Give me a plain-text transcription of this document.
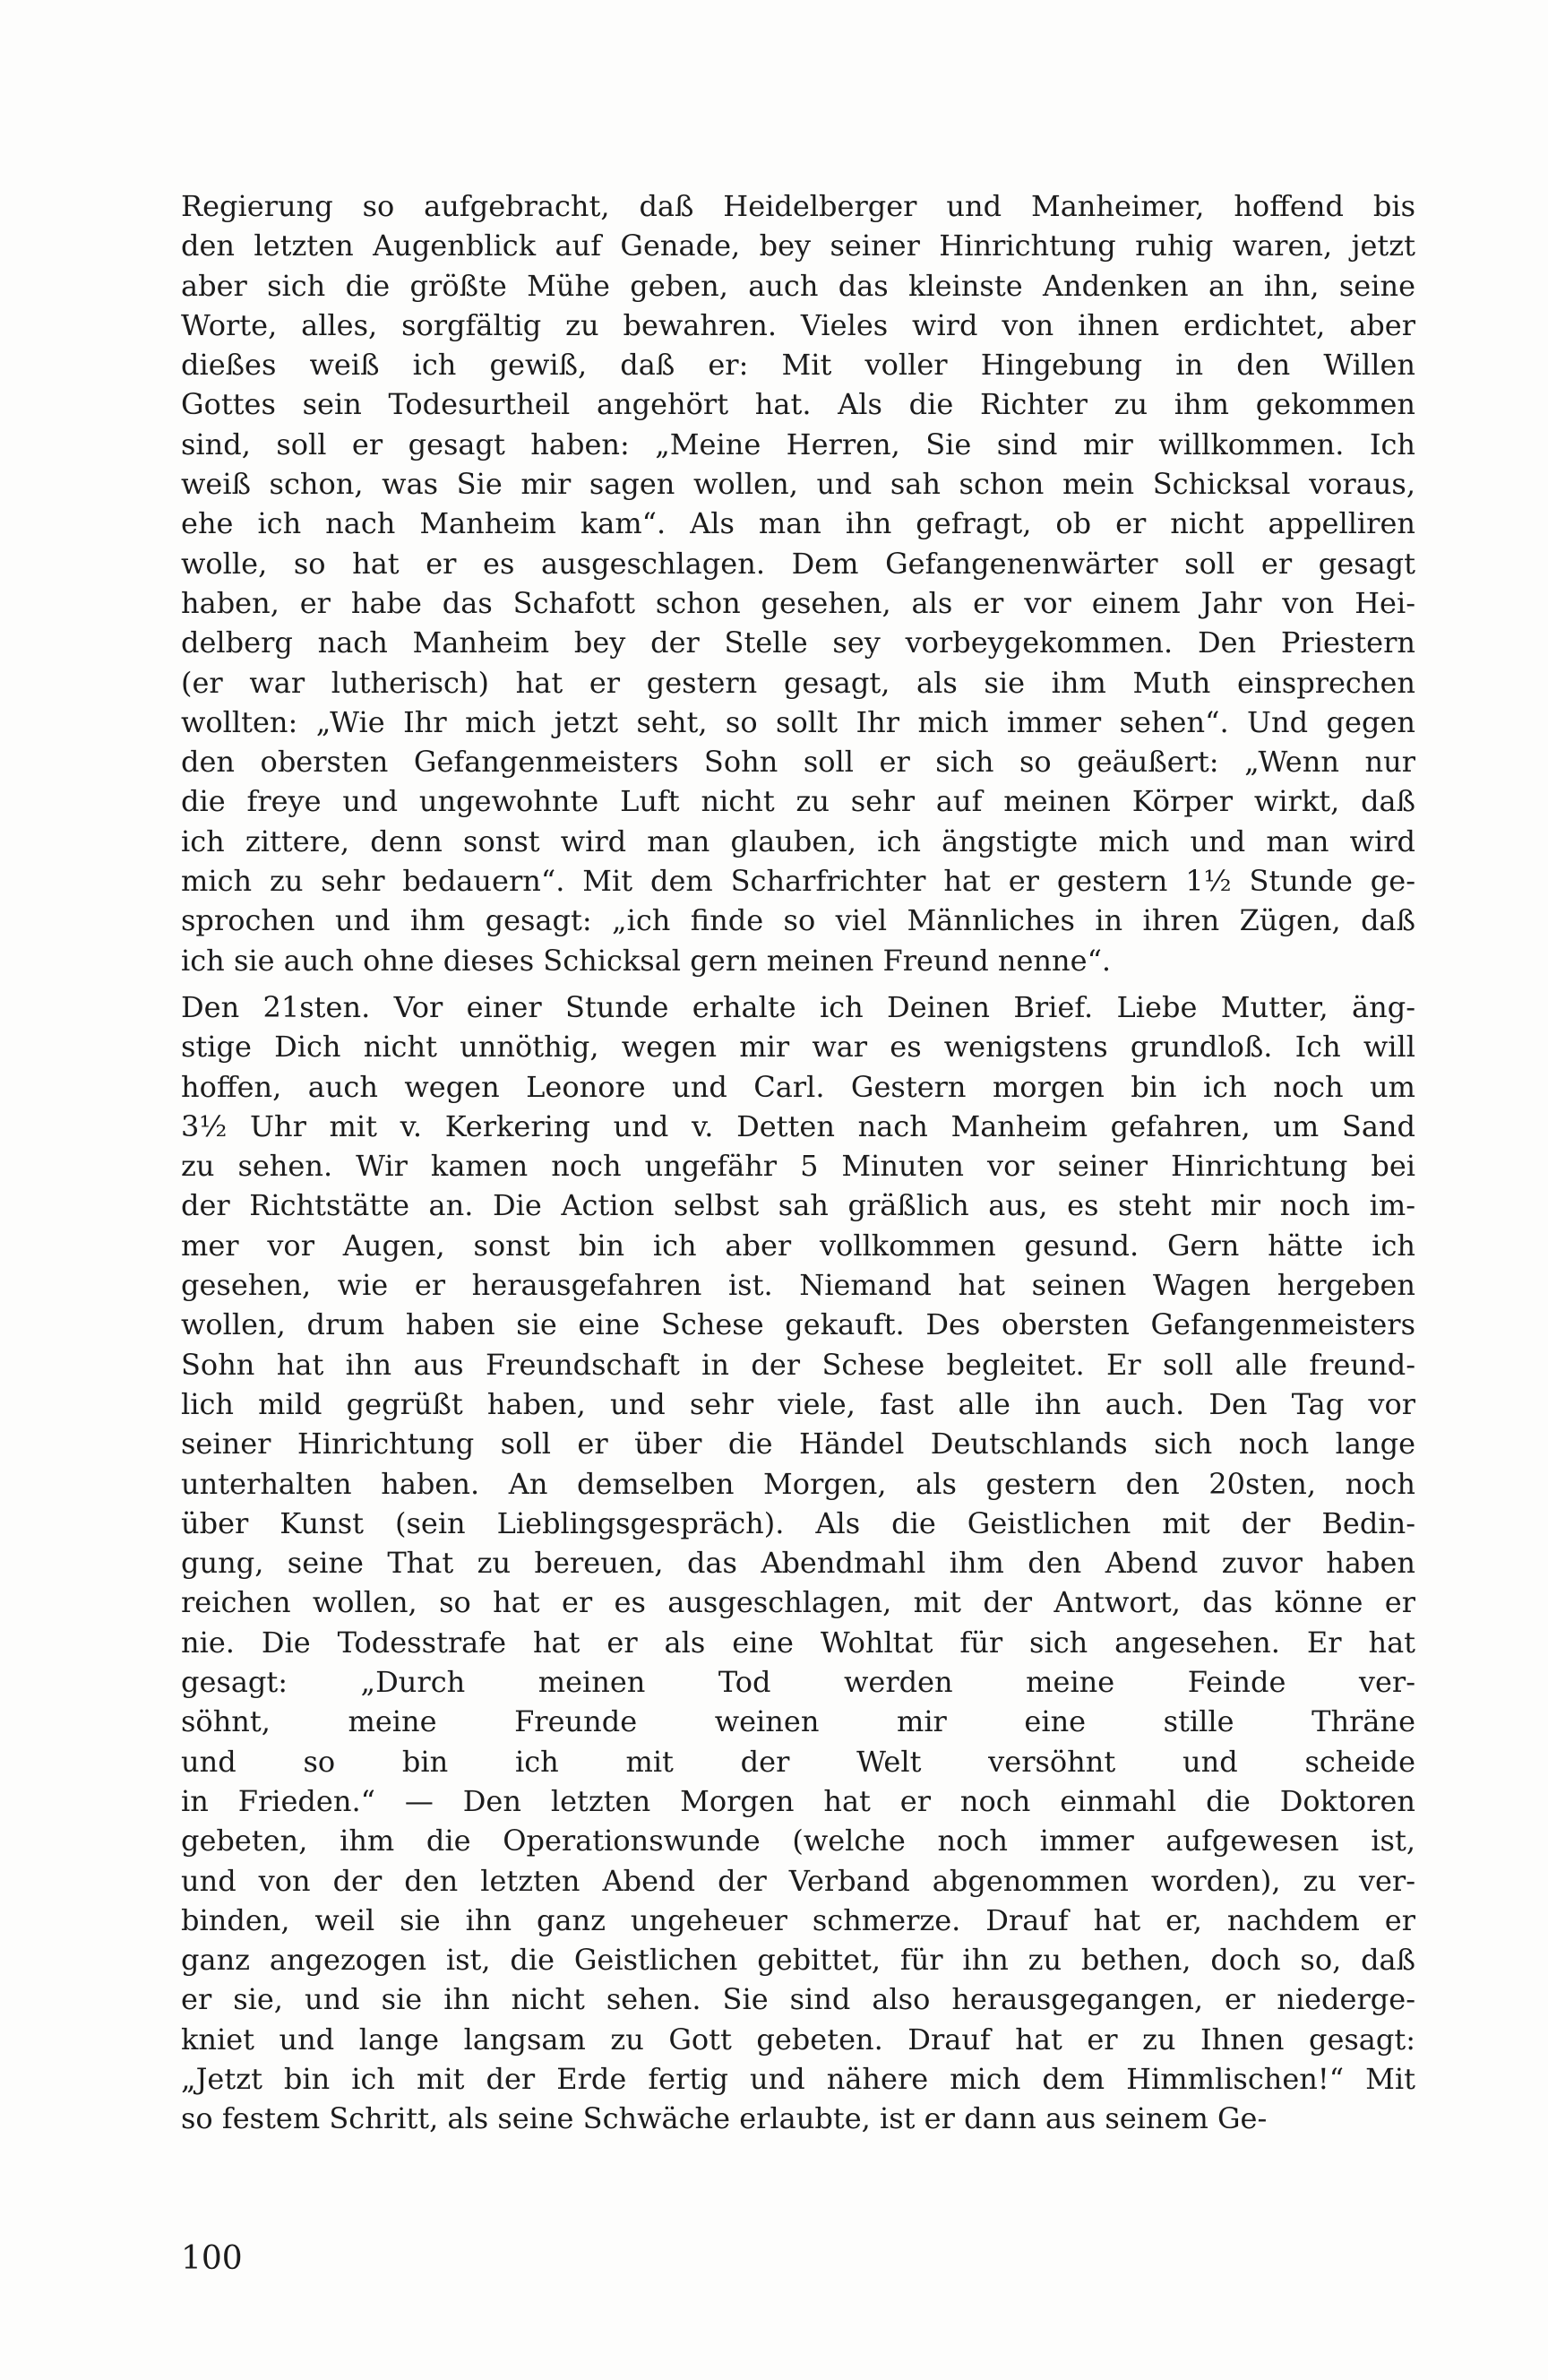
Regierung so aufgebracht, daß Heidelberger und Manheimer, hoffend bis
den letzten Augenblick auf Genade, bey seiner Hinrichtung ruhig waren, jetzt
aber sich die größte Mühe geben, auch das kleinste Andenken an ihn, seine
Worte, alles, sorgfältig zu bewahren. Vieles wird von ihnen erdichtet, aber
dießes weiß ich gewiß, daß er: Mit voller Hingebung in den Willen
Gottes sein Todesurtheil angehört hat. Als die Richter zu ihm gekommen
sind, soll er gesagt haben: „Meine Herren, Sie sind mir willkommen. Ich
weiß schon, was Sie mir sagen wollen, und sah schon mein Schicksal voraus,
ehe ich nach Manheim kam“. Als man ihn gefragt, ob er nicht appelliren
wolle, so hat er es ausgeschlagen. Dem Gefangenenwärter soll er gesagt
haben, er habe das Schafott schon gesehen, als er vor einem Jahr von Hei-
delberg nach Manheim bey der Stelle sey vorbeygekommen. Den Priestern
(er war lutherisch) hat er gestern gesagt, als sie ihm Muth einsprechen
wollten: „Wie Ihr mich jetzt seht, so sollt Ihr mich immer sehen“. Und gegen
den obersten Gefangenmeisters Sohn soll er sich so geäußert: „Wenn nur
die freye und ungewohnte Luft nicht zu sehr auf meinen Körper wirkt, daß
ich zittere, denn sonst wird man glauben, ich ängstigte mich und man wird
mich zu sehr bedauern“. Mit dem Scharfrichter hat er gestern 1½ Stunde ge-
sprochen und ihm gesagt: „ich finde so viel Männliches in ihren Zügen, daß
ich sie auch ohne dieses Schicksal gern meinen Freund nenne“.
Den 21sten. Vor einer Stunde erhalte ich Deinen Brief. Liebe Mutter, äng-
stige Dich nicht unnöthig, wegen mir war es wenigstens grundloß. Ich will
hoffen, auch wegen Leonore und Carl. Gestern morgen bin ich noch um
3½ Uhr mit v. Kerkering und v. Detten nach Manheim gefahren, um Sand
zu sehen. Wir kamen noch ungefähr 5 Minuten vor seiner Hinrichtung bei
der Richtstätte an. Die Action selbst sah gräßlich aus, es steht mir noch im-
mer vor Augen, sonst bin ich aber vollkommen gesund. Gern hätte ich
gesehen, wie er herausgefahren ist. Niemand hat seinen Wagen hergeben
wollen, drum haben sie eine Schese gekauft. Des obersten Gefangenmeisters
Sohn hat ihn aus Freundschaft in der Schese begleitet. Er soll alle freund-
lich mild gegrüßt haben, und sehr viele, fast alle ihn auch. Den Tag vor
seiner Hinrichtung soll er über die Händel Deutschlands sich noch lange
unterhalten haben. An demselben Morgen, als gestern den 20sten, noch
über Kunst (sein Lieblingsgespräch). Als die Geistlichen mit der Bedin-
gung, seine That zu bereuen, das Abendmahl ihm den Abend zuvor haben
reichen wollen, so hat er es ausgeschlagen, mit der Antwort, das könne er
nie. Die Todesstrafe hat er als eine Wohltat für sich angesehen. Er hat
gesagt: „Durch meinen Tod werden meine Feinde ver-
söhnt, meine Freunde weinen mir eine stille Thräne
und so bin ich mit der Welt versöhnt und scheide
in Frieden.“ — Den letzten Morgen hat er noch einmahl die Doktoren
gebeten, ihm die Operationswunde (welche noch immer aufgewesen ist,
und von der den letzten Abend der Verband abgenommen worden), zu ver-
binden, weil sie ihn ganz ungeheuer schmerze. Drauf hat er, nachdem er
ganz angezogen ist, die Geistlichen gebittet, für ihn zu bethen, doch so, daß
er sie, und sie ihn nicht sehen. Sie sind also herausgegangen, er niederge-
kniet und lange langsam zu Gott gebeten. Drauf hat er zu Ihnen gesagt:
„Jetzt bin ich mit der Erde fertig und nähere mich dem Himmlischen!“ Mit
so festem Schritt, als seine Schwäche erlaubte, ist er dann aus seinem Ge-
100
